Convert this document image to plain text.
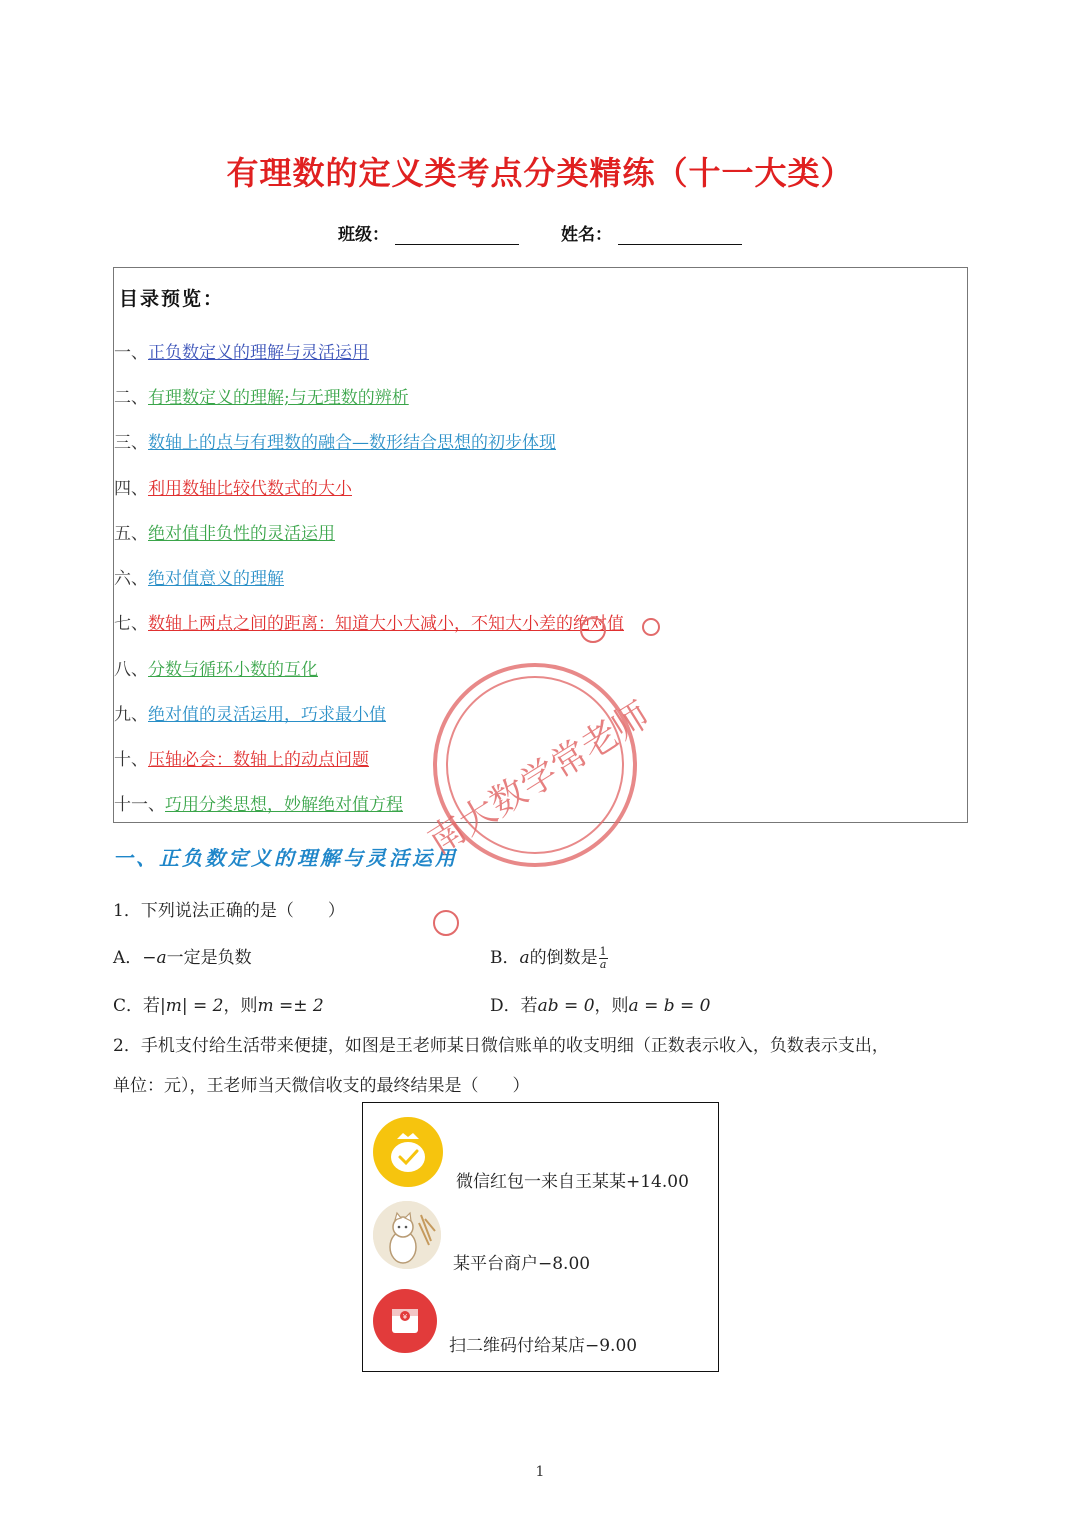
有理数的定义类考点分类精练（十一大类）
班级：	姓名：
目录预览：
一、正负数定义的理解与灵活运用
二、有理数定义的理解;与无理数的辨析
三、数轴上的点与有理数的融合—数形结合思想的初步体现
四、利用数轴比较代数式的大小
五、绝对值非负性的灵活运用
六、绝对值意义的理解
七、数轴上两点之间的距离：知道大小大减小，不知大小差的绝对值
八、分数与循环小数的互化
九、绝对值的灵活运用，巧求最小值
十、压轴必会：数轴上的动点问题
十一、巧用分类思想，妙解绝对值方程
一、正负数定义的理解与灵活运用
1．下列说法正确的是（　　）
A．−a一定是负数	B．a的倒数是 $\frac{1}{a}$
C．若|m| = 2，则m =± 2	D．若ab = 0，则a = b = 0
2．手机支付给生活带来便捷，如图是王老师某日微信账单的收支明细（正数表示收入，负数表示支出，
单位：元），王老师当天微信收支的最终结果是（　　）
微信红包一来自王某某+14.00
某平台商户−8.00
¥
扫二维码付给某店−9.00
南大数学常老师
1
